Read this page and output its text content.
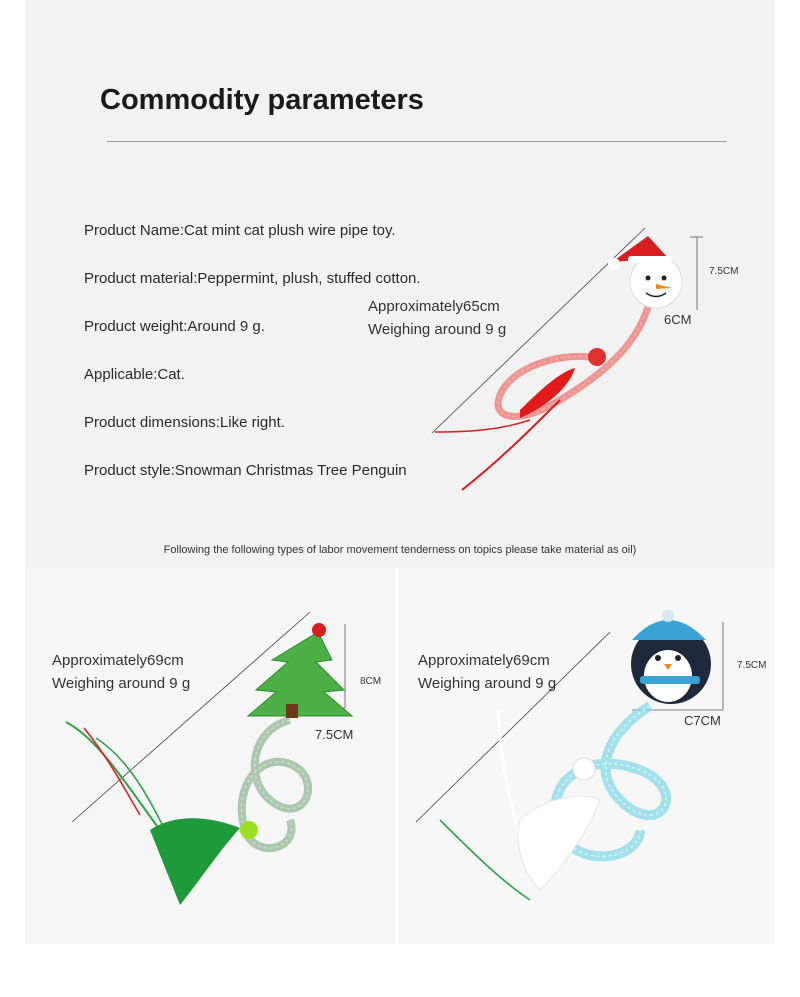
Commodity parameters
Product Name:Cat mint cat plush wire pipe toy.
Product material:Peppermint, plush, stuffed cotton.
Product weight:Around 9 g.
Applicable:Cat.
Product dimensions:Like right.
Product style:Snowman Christmas Tree Penguin
Approximately65cm
Weighing around 9 g
7.5CM
6CM
Following the following types of labor movement tenderness on topics please take material as oil)
Approximately69cm
Weighing around 9 g	8CM
7.5CM
Approximately69cm
Weighing around 9 g
7.5CM
C7CM
